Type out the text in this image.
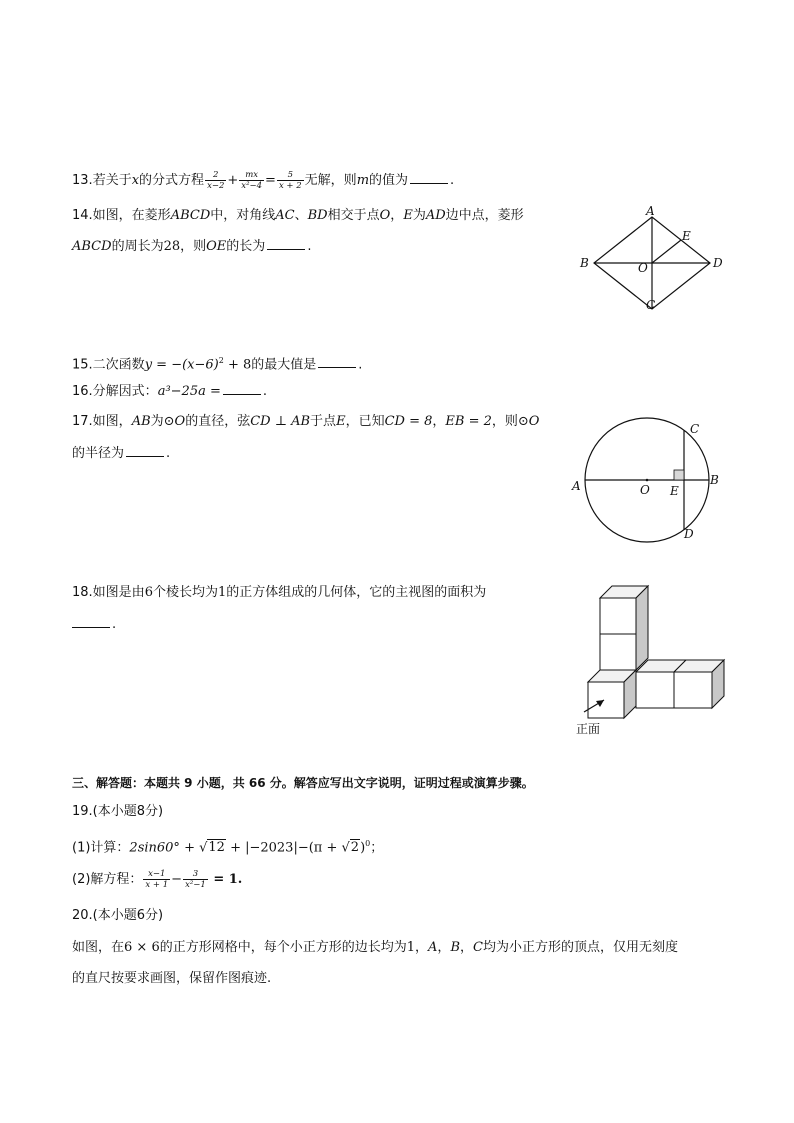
13.若关于x的分式方程 $\frac{2}{x-2} + \frac{mx}{\text{x²−4}} = \frac{5}{x + 2}$ 无解，则m的值为	.
14.如图，在菱形ABCD中，对角线AC、BD相交于点O，E为AD边中点，菱形
ABCD的周长为28，则OE的长为	.
A
E
B	O	D
C
15.二次函数$y = -(x-6)^2 + 8$的最大值是	.
16.分解因式：a³−25a =	.
17.如图，AB为⊙O的直径，弦CD ⊥ AB于点E，已知CD = 8，EB = 2，则⊙O
的半径为	.
C
A	O E
B
D
18.如图是由6个棱长均为1的正方体组成的几何体，它的主视图的面积为
.
正面
三、解答题：本题共 9 小题，共 66 分。解答应写出文字说明，证明过程或演算步骤。
19.(本小题8分)
(1)计算：$2\sin 60^\circ + √12 + |-2023|-(\pi + √2)^0$；
(2)解方程： $\frac{x-1}{x + 1} - \frac{3}{\text{x²−1}} = 1$.
20.(本小题6分)
如图，在6 × 6的正方形网格中，每个小正方形的边长均为1，A，B，C均为小正方形的顶点，仅用无刻度
的直尺按要求画图，保留作图痕迹.
